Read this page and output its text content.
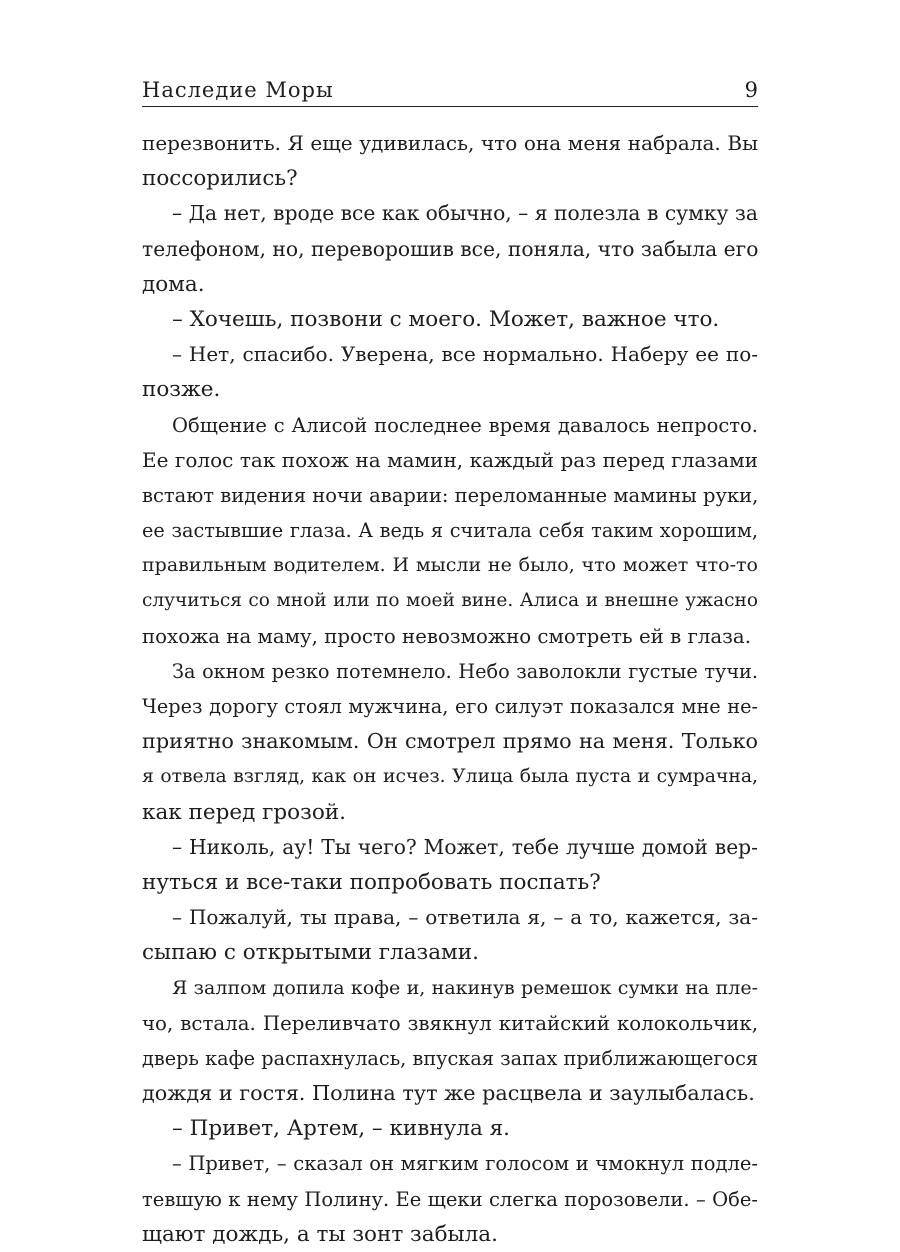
Наследие Моры	9
перезвонить. Я еще удивилась, что она меня набрала. Вы
поссорились?
– Да нет, вроде все как обычно, – я полезла в сумку за
телефоном, но, переворошив все, поняла, что забыла его
дома.
– Хочешь, позвони с моего. Может, важное что.
– Нет, спасибо. Уверена, все нормально. Наберу ее по-
позже.
Общение с Алисой последнее время давалось непросто.
Ее голос так похож на мамин, каждый раз перед глазами
встают видения ночи аварии: переломанные мамины руки,
ее застывшие глаза. А ведь я считала себя таким хорошим,
правильным водителем. И мысли не было, что может что-то
случиться со мной или по моей вине. Алиса и внешне ужасно
похожа на маму, просто невозможно смотреть ей в глаза.
За окном резко потемнело. Небо заволокли густые тучи.
Через дорогу стоял мужчина, его силуэт показался мне не-
приятно знакомым. Он смотрел прямо на меня. Только
я отвела взгляд, как он исчез. Улица была пуста и сумрачна,
как перед грозой.
– Николь, ау! Ты чего? Может, тебе лучше домой вер-
нуться и все-таки попробовать поспать?
– Пожалуй, ты права, – ответила я, – а то, кажется, за-
сыпаю с открытыми глазами.
Я залпом допила кофе и, накинув ремешок сумки на пле-
чо, встала. Переливчато звякнул китайский колокольчик,
дверь кафе распахнулась, впуская запах приближающегося
дождя и гостя. Полина тут же расцвела и заулыбалась.
– Привет, Артем, – кивнула я.
– Привет, – сказал он мягким голосом и чмокнул подле-
тевшую к нему Полину. Ее щеки слегка порозовели. – Обе-
щают дождь, а ты зонт забыла.
